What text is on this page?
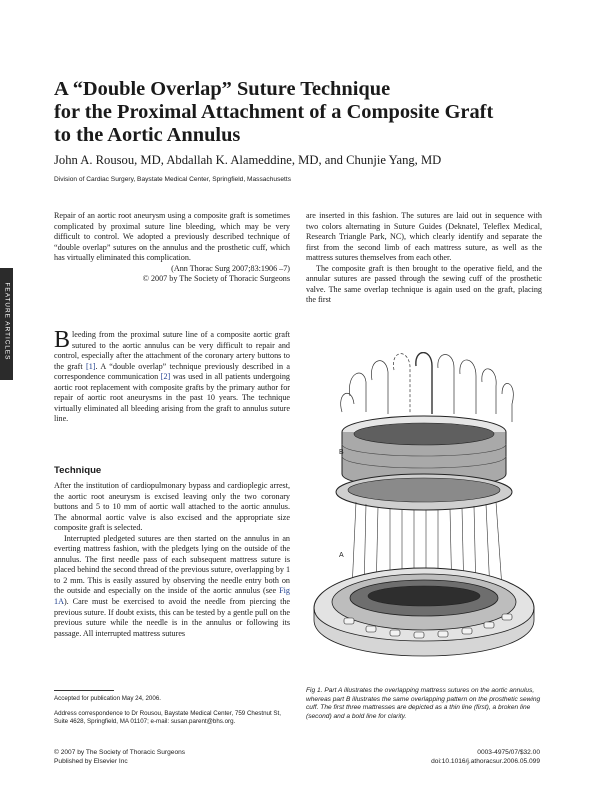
A “Double Overlap” Suture Technique
for the Proximal Attachment of a Composite Graft
to the Aortic Annulus
John A. Rousou, MD, Abdallah K. Alameddine, MD, and Chunjie Yang, MD
Division of Cardiac Surgery, Baystate Medical Center, Springfield, Massachusetts
FEATURE ARTICLES

Repair of an aortic root aneurysm using a composite graft is sometimes complicated by proximal suture line bleeding, which may be very difficult to control. We adopted a previously described technique of “double overlap” sutures on the annulus and the prosthetic cuff, which has virtually eliminated this complication.

(Ann Thorac Surg 2007;83:1906 –7)

© 2007 by The Society of Thoracic Surgeons

Bleeding from the proximal suture line of a composite aortic graft sutured to the aortic annulus can be very difficult to repair and control, especially after the attachment of the coronary artery buttons to the graft [1]. A “double overlap” technique previously described in a correspondence communication [2] was used in all patients undergoing aortic root replacement with composite grafts by the primary author for repair of aortic root aneurysms in the past 10 years. The technique virtually eliminated all bleeding arising from the graft to annulus suture line.

Technique

After the institution of cardiopulmonary bypass and cardioplegic arrest, the aortic root aneurysm is excised leaving only the two coronary buttons and 5 to 10 mm of aortic wall attached to the aortic annulus. The abnormal aortic valve is also excised and the appropriate size composite graft is selected.

Interrupted pledgeted sutures are then started on the annulus in an everting mattress fashion, with the pledgets lying on the outside of the annulus. The first needle pass of each subsequent mattress suture is placed behind the second thread of the previous suture, overlapping by 1 to 2 mm. This is easily assured by observing the needle entry both on the outside and especially on the inside of the aortic annulus (see Fig 1A). Care must be exercised to avoid the needle from piercing the previous suture. If doubt exists, this can be tested by a gentle pull on the previous suture while the needle is in the annulus or following its passage. All interrupted mattress sutures

are inserted in this fashion. The sutures are laid out in sequence with two colors alternating in Suture Guides (Deknatel, Teleflex Medical, Research Triangle Park, NC), which clearly identify and separate the first from the second limb of each mattress suture, as well as the mattress sutures themselves from each other.

The composite graft is then brought to the operative field, and the annular sutures are passed through the sewing cuff of the prosthetic valve. The same overlap technique is again used on the graft, placing the first

B
A
Fig 1. Part A illustrates the overlapping mattress sutures on the aortic annulus, whereas part B illustrates the same overlapping pattern on the prosthetic sewing cuff. The first three mattresses are depicted as a thin line (first), a broken line (second) and a bold line for clarity.
Accepted for publication May 24, 2006.
Address correspondence to Dr Rousou, Baystate Medical Center, 759 Chestnut St, Suite 4628, Springfield, MA 01107; e-mail: susan.parent@bhs.org.
© 2007 by The Society of Thoracic Surgeons
Published by Elsevier Inc
0003-4975/07/$32.00
doi:10.1016/j.athoracsur.2006.05.099
